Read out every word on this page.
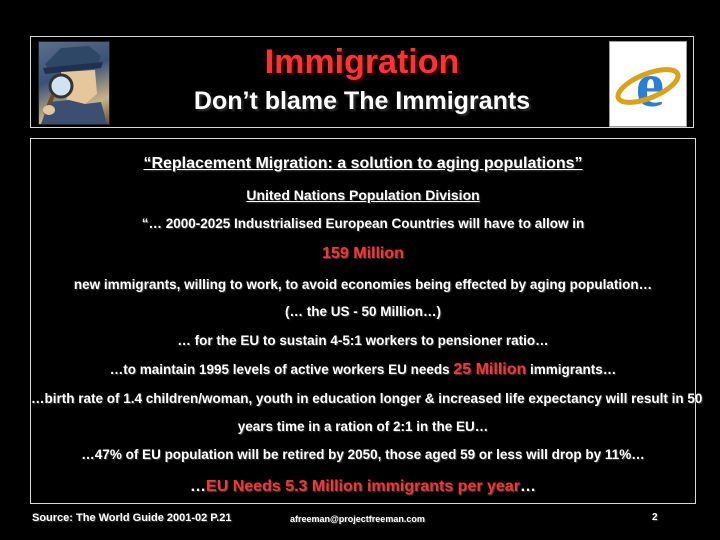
Immigration
Don’t blame The Immigrants	e
“Replacement Migration: a solution to aging populations”
United Nations Population Division
“… 2000-2025 Industrialised European Countries will have to allow in
159 Million
new immigrants, willing to work, to avoid economies being effected by aging population…
(… the US - 50 Million…)
… for the EU to sustain 4-5:1 workers to pensioner ratio…
…to maintain 1995 levels of active workers EU needs 25 Million immigrants…
…birth rate of 1.4 children/woman, youth in education longer & increased life expectancy will result in 50
years time in a ration of 2:1 in the EU…
…47% of EU population will be retired by 2050, those aged 59 or less will drop by 11%…
…EU Needs 5.3 Million immigrants per year…
Source: The World Guide 2001-02 P.21	afreeman@projectfreeman.com	2
